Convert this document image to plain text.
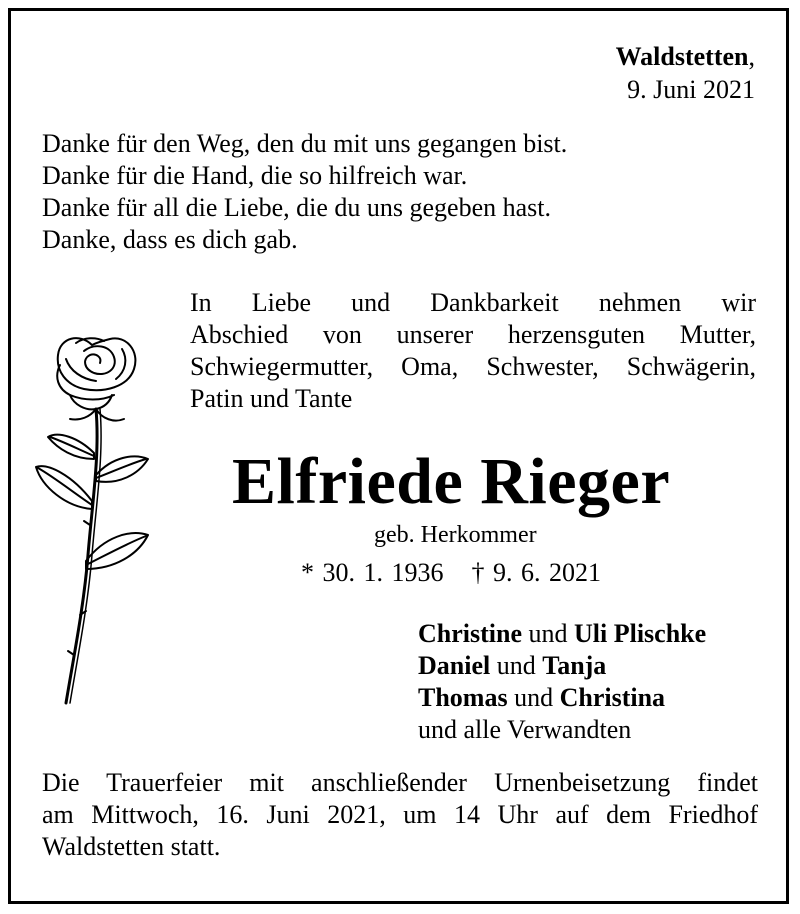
Waldstetten,
9. Juni 2021
Danke für den Weg, den du mit uns gegangen bist.
Danke für die Hand, die so hilfreich war.
Danke für all die Liebe, die du uns gegeben hast.
Danke, dass es dich gab.
In Liebe und Dankbarkeit nehmen wir
Abschied von unserer herzensguten Mutter,
Schwiegermutter, Oma, Schwester, Schwägerin,
Patin und Tante
Elfriede Rieger
geb. Herkommer
* 30. 1. 1936 † 9. 6. 2021
Christine und Uli Plischke
Daniel und Tanja
Thomas und Christina
und alle Verwandten
Die Trauerfeier mit anschließender Urnenbeisetzung findet
am Mittwoch, 16. Juni 2021, um 14 Uhr auf dem Friedhof
Waldstetten statt.
